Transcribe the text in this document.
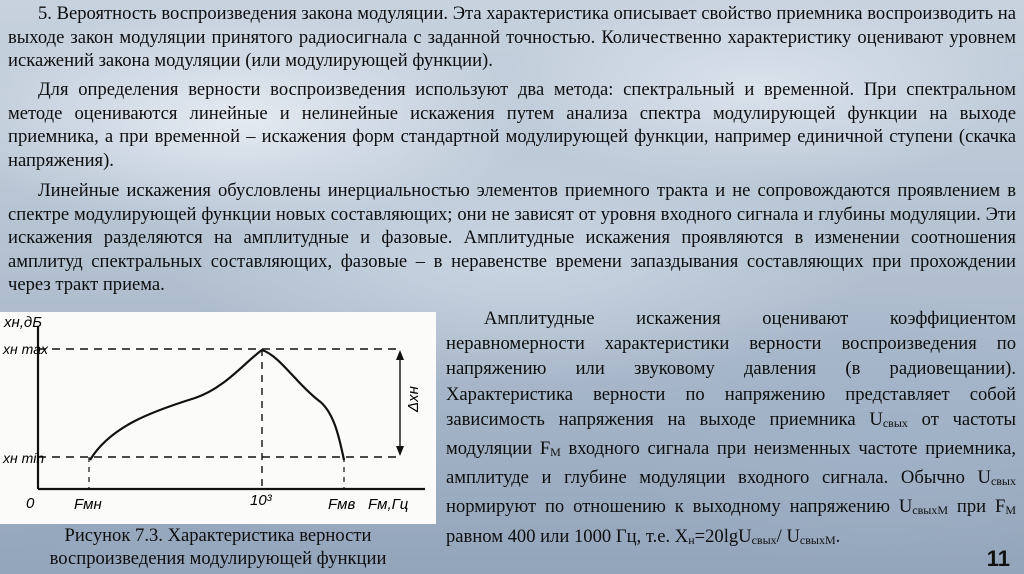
5. Вероятность воспроизведения закона модуляции. Эта характеристика описывает свойство приемника воспроизводить на выходе закон модуляции принятого радиосигнала с заданной точностью. Количественно характеристику оценивают уровнем искажений закона модуляции (или модулирующей функции).

Для определения верности воспроизведения используют два метода: спектральный и временной. При спектральном методе оцениваются линейные и нелинейные искажения путем анализа спектра модулирующей функции на выходе приемника, а при временной – искажения форм стандартной модулирующей функции, например единичной ступени (скачка напряжения).

Линейные искажения обусловлены инерциальностью элементов приемного тракта и не сопровождаются проявлением в спектре модулирующей функции новых составляющих; они не зависят от уровня входного сигнала и глубины модуляции. Эти искажения разделяются на амплитудные и фазовые. Амплитудные искажения проявляются в изменении соотношения амплитуд спектральных составляющих, фазовые – в неравенстве времени запаздывания составляющих при прохождении через тракт приема.

xн,дБ
xн max
xн min
Δxн
0	Fмн	10³	Fмв Fм,Гц
Рисунок 7.3. Характеристика верности воспроизведения модулирующей функции

Амплитудные искажения оценивают коэффициентом неравномерности характеристики верности воспроизведения по напряжению или звуковому давления (в радиовещании). Характеристика верности по напряжению представляет собой зависимость напряжения на выходе приемника $U_{свых}$ от частоты модуляции $F_М$ входного сигнала при неизменных частоте приемника, амплитуде и глубине модуляции входного сигнала. Обычно $U_{свых}$ нормируют по отношению к выходному напряжению $U_{свыхМ}$ при $F_М$ равном 400 или 1000 Гц, т.е. $X_н=20\lg U_{свых}/$ $U_{свыхМ}$.

11
